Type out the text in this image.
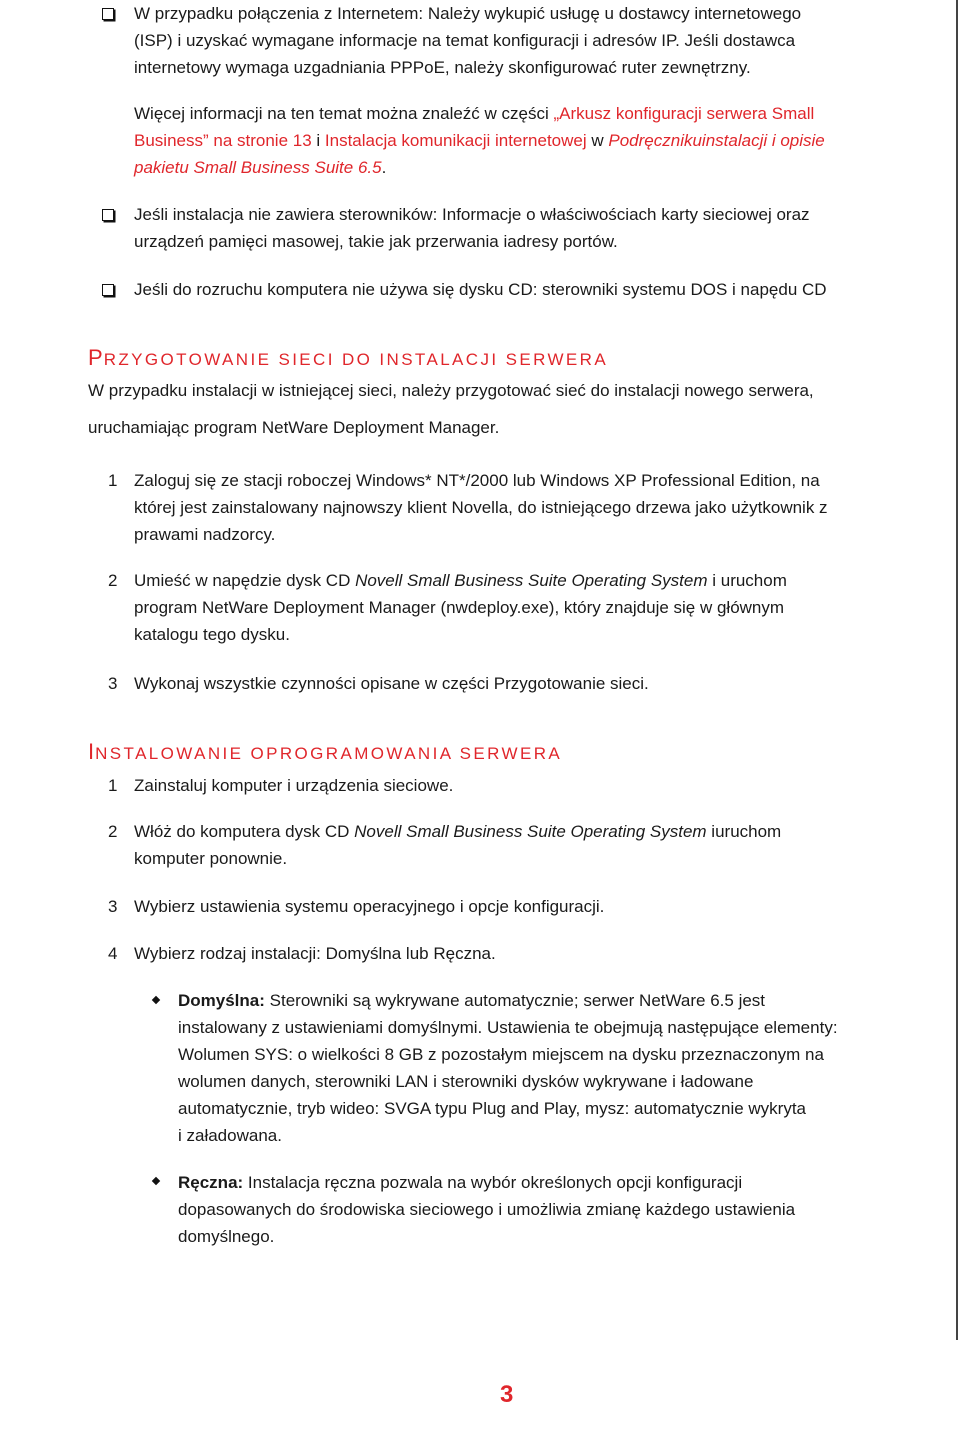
W przypadku połączenia z Internetem: Należy wykupić usługę u dostawcy internetowego
(ISP) i uzyskać wymagane informacje na temat konfiguracji i adresów IP. Jeśli dostawca
internetowy wymaga uzgadniania PPPoE, należy skonfigurować ruter zewnętrzny.
Więcej informacji na ten temat można znaleźć w części „Arkusz konfiguracji serwera Small
Business” na stronie 13 i Instalacja komunikacji internetowej w Podręcznikuinstalacji i opisie
pakietu Small Business Suite 6.5.
Jeśli instalacja nie zawiera sterowników: Informacje o właściwościach karty sieciowej oraz
urządzeń pamięci masowej, takie jak przerwania iadresy portów.
Jeśli do rozruchu komputera nie używa się dysku CD: sterowniki systemu DOS i napędu CD
PRZYGOTOWANIE SIECI DO INSTALACJI SERWERA
W przypadku instalacji w istniejącej sieci, należy przygotować sieć do instalacji nowego serwera,
uruchamiając program NetWare Deployment Manager.
1 Zaloguj się ze stacji roboczej Windows* NT*/2000 lub Windows XP Professional Edition, na
której jest zainstalowany najnowszy klient Novella, do istniejącego drzewa jako użytkownik z
prawami nadzorcy.
2 Umieść w napędzie dysk CD Novell Small Business Suite Operating System i uruchom
program NetWare Deployment Manager (nwdeploy.exe), który znajduje się w głównym
katalogu tego dysku.
3 Wykonaj wszystkie czynności opisane w części Przygotowanie sieci.
INSTALOWANIE OPROGRAMOWANIA SERWERA
1 Zainstaluj komputer i urządzenia sieciowe.
2 Włóż do komputera dysk CD Novell Small Business Suite Operating System iuruchom
komputer ponownie.
3 Wybierz ustawienia systemu operacyjnego i opcje konfiguracji.
4 Wybierz rodzaj instalacji: Domyślna lub Ręczna.
Domyślna: Sterowniki są wykrywane automatycznie; serwer NetWare 6.5 jest
instalowany z ustawieniami domyślnymi. Ustawienia te obejmują następujące elementy:
Wolumen SYS: o wielkości 8 GB z pozostałym miejscem na dysku przeznaczonym na
wolumen danych, sterowniki LAN i sterowniki dysków wykrywane i ładowane
automatycznie, tryb wideo: SVGA typu Plug and Play, mysz: automatycznie wykryta
i załadowana.
Ręczna: Instalacja ręczna pozwala na wybór określonych opcji konfiguracji
dopasowanych do środowiska sieciowego i umożliwia zmianę każdego ustawienia
domyślnego.
3
